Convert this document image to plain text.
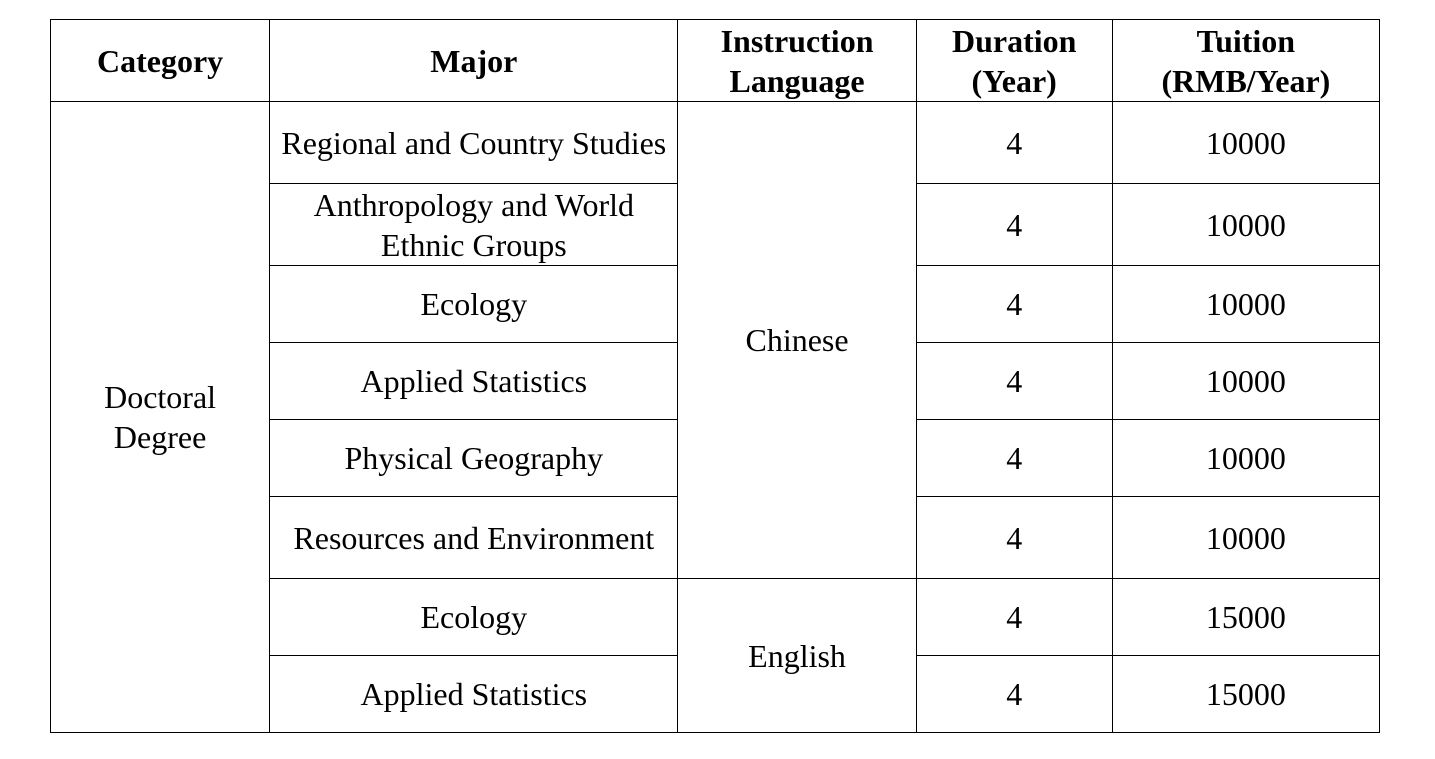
Category	Major	Instruction Language	Duration (Year)	Tuition (RMB/Year)
Doctoral Degree	Regional and Country Studies	Chinese	4	10000
	Anthropology and World Ethnic Groups		4	10000
	Ecology		4	10000
	Applied Statistics		4	10000
	Physical Geography		4	10000
	Resources and Environment		4	10000
	Ecology	English	4	15000
	Applied Statistics		4	15000
